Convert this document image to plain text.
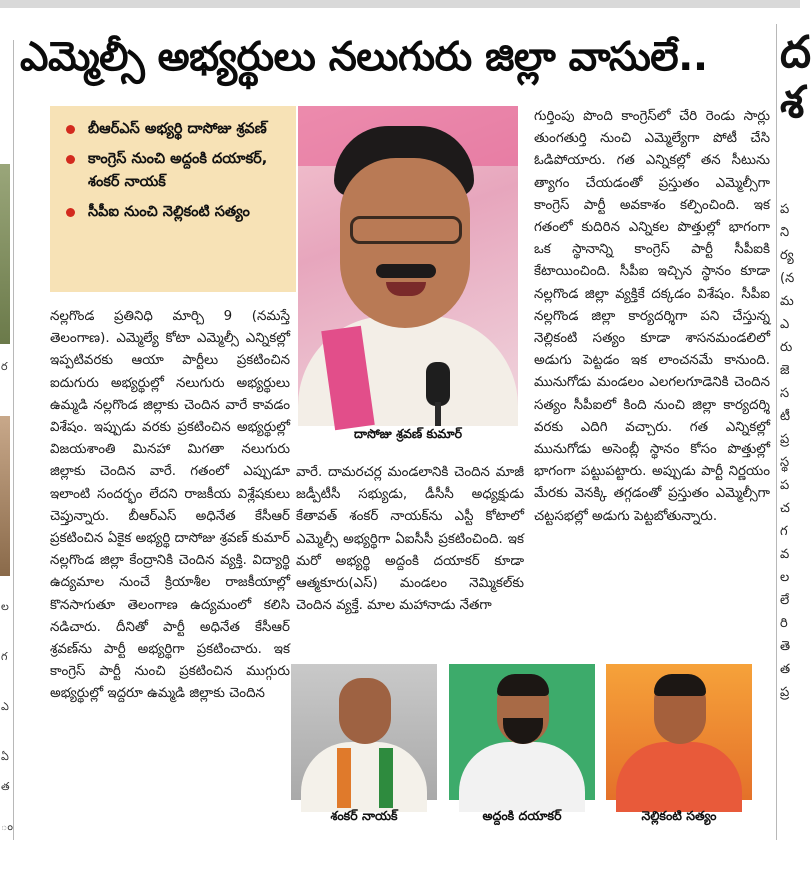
ర
ల
గ
ఎ
ఏ
త
ం
ద
శ
ప
ని
ర్య
(న
మ
ఎ
రు
జె
స
టీ
ప్ర
స్థ
ప
చ
గ
వ
ల
లే
రి
తె
త
ప్ర
ఎమ్మెల్సీ అభ్యర్థులు నలుగురు జిల్లా వాసులే..
బీఆర్ఎస్ అభ్యర్థి దాసోజు శ్రవణ్
కాంగ్రెస్ నుంచి అద్దంకి దయాకర్, శంకర్ నాయక్
సీపీఐ నుంచి నెల్లికంటి సత్యం

నల్లగొండ ప్రతినిధి మార్చి 9 (నమస్తే తెలంగాణ). ఎమ్మెల్యే కోటా ఎమ్మెల్సీ ఎన్నికల్లో ఇప్పటివరకు ఆయా పార్టీలు ప్రకటించిన ఐదుగురు అభ్యర్థుల్లో నలుగురు అభ్యర్థులు ఉమ్మడి నల్లగొండ జిల్లాకు చెందిన వారే కావడం విశేషం. ఇప్పుడు వరకు ప్రకటించిన అభ్యర్థుల్లో విజయశాంతి మినహా మిగతా నలుగురు జిల్లాకు చెందిన వారే. గతంలో ఎప్పుడూ ఇలాంటి సందర్భం లేదని రాజకీయ విశ్లేషకులు చెప్తున్నారు. బీఆర్ఎస్ అధినేత కేసీఆర్ ప్రకటించిన ఏకైక అభ్యర్థి దాసోజు శ్రవణ్ కుమార్ నల్లగొండ జిల్లా కేంద్రానికి చెందిన వ్యక్తి. విద్యార్థి ఉద్యమాల నుంచే క్రియాశీల రాజకీయాల్లో కొనసాగుతూ తెలంగాణ ఉద్యమంలో కలిసి నడిచారు. దీనితో పార్టీ అధినేత కేసీఆర్ శ్రవణ్‌ను పార్టీ అభ్యర్థిగా ప్రకటించారు. ఇక కాంగ్రెస్ పార్టీ నుంచి ప్రకటించిన ముగ్గురు అభ్యర్థుల్లో ఇద్దరూ ఉమ్మడి జిల్లాకు చెందిన

దాసోజు శ్రవణ్ కుమార్

వారే. దామరచర్ల మండలానికి చెందిన మాజీ జడ్పీటీసీ సభ్యుడు, డీసీసీ అధ్యక్షుడు కేతావత్ శంకర్ నాయక్‌ను ఎస్టీ కోటాలో ఎమ్మెల్సీ అభ్యర్థిగా ఏఐసీసీ ప్రకటించింది. ఇక మరో అభ్యర్థి అద్దంకి దయాకర్ కూడా ఆత్మకూరు(ఎస్) మండలం నెమ్మికల్‌కు చెందిన వ్యక్తే. మాల మహానాడు నేతగా

గుర్తింపు పొంది కాంగ్రెస్‌లో చేరి రెండు సార్లు తుంగతుర్తి నుంచి ఎమ్మెల్యేగా పోటీ చేసి ఓడిపోయారు. గత ఎన్నికల్లో తన సీటును త్యాగం చేయడంతో ప్రస్తుతం ఎమ్మెల్సీగా కాంగ్రెస్ పార్టీ అవకాశం కల్పించింది. ఇక గతంలో కుదిరిన ఎన్నికల పొత్తుల్లో భాగంగా ఒక స్థానాన్ని కాంగ్రెస్ పార్టీ సీపీఐకి కేటాయించింది. సీపీఐ ఇచ్చిన స్థానం కూడా నల్లగొండ జిల్లా వ్యక్తికే దక్కడం విశేషం. సీపీఐ నల్లగొండ జిల్లా కార్యదర్శిగా పని చేస్తున్న నెల్లికంటి సత్యం కూడా శాసనమండలిలో అడుగు పెట్టడం ఇక లాంచనమే కానుంది. మునుగోడు మండలం ఎలగలగూడెనికి చెందిన సత్యం సీపీఐలో కింది నుంచి జిల్లా కార్యదర్శి వరకు ఎదిగి వచ్చారు. గత ఎన్నికల్లో మునుగోడు అసెంబ్లీ స్థానం కోసం పొత్తుల్లో భాగంగా పట్టుపట్టారు. అప్పుడు పార్టీ నిర్ణయం మేరకు వెనక్కి తగ్గడంతో ప్రస్తుతం ఎమ్మెల్సీగా చట్టసభల్లో అడుగు పెట్టబోతున్నారు.

శంకర్ నాయక్	అద్దంకి దయాకర్	నెల్లికంటి సత్యం
